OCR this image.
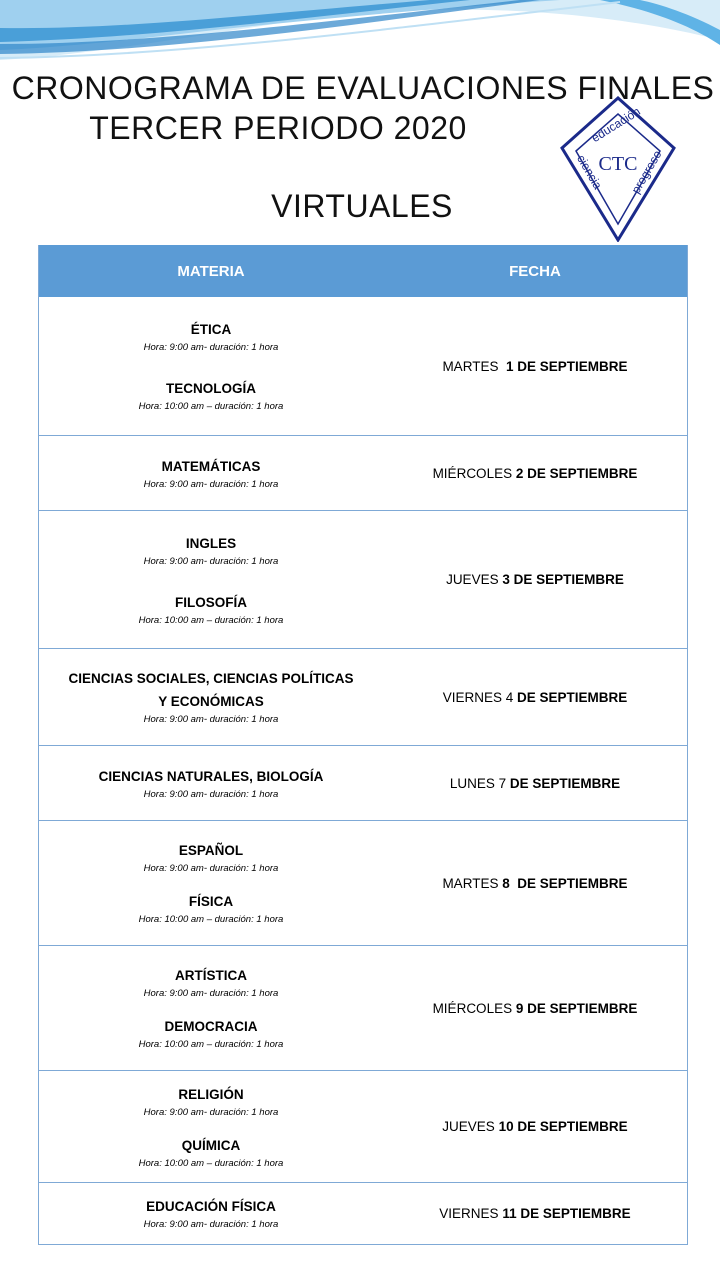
CRONOGRAMA DE EVALUACIONES FINALES
TERCER PERIODO 2020
VIRTUALES
educación
ciencia progreso
CTC
MATERIA	FECHA
ÉTICA
Hora: 9:00 am- duración: 1 hora
TECNOLOGÍA
Hora: 10:00 am – duración: 1 hora
MARTES  1 DE SEPTIEMBRE
MATEMÁTICAS
Hora: 9:00 am- duración: 1 hora
MIÉRCOLES 2 DE SEPTIEMBRE
INGLES
Hora: 9:00 am- duración: 1 hora
FILOSOFÍA
Hora: 10:00 am – duración: 1 hora
JUEVES 3 DE SEPTIEMBRE
CIENCIAS SOCIALES, CIENCIAS POLÍTICAS Y ECONÓMICAS
Hora: 9:00 am- duración: 1 hora
VIERNES 4 DE SEPTIEMBRE
CIENCIAS NATURALES, BIOLOGÍA
Hora: 9:00 am- duración: 1 hora
LUNES 7 DE SEPTIEMBRE
ESPAÑOL
Hora: 9:00 am- duración: 1 hora
FÍSICA
Hora: 10:00 am – duración: 1 hora
MARTES 8  DE SEPTIEMBRE
ARTÍSTICA
Hora: 9:00 am- duración: 1 hora
DEMOCRACIA
Hora: 10:00 am – duración: 1 hora
MIÉRCOLES 9 DE SEPTIEMBRE
RELIGIÓN
Hora: 9:00 am- duración: 1 hora
QUÍMICA
Hora: 10:00 am – duración: 1 hora
JUEVES 10 DE SEPTIEMBRE
EDUCACIÓN FÍSICA
Hora: 9:00 am- duración: 1 hora
VIERNES 11 DE SEPTIEMBRE
